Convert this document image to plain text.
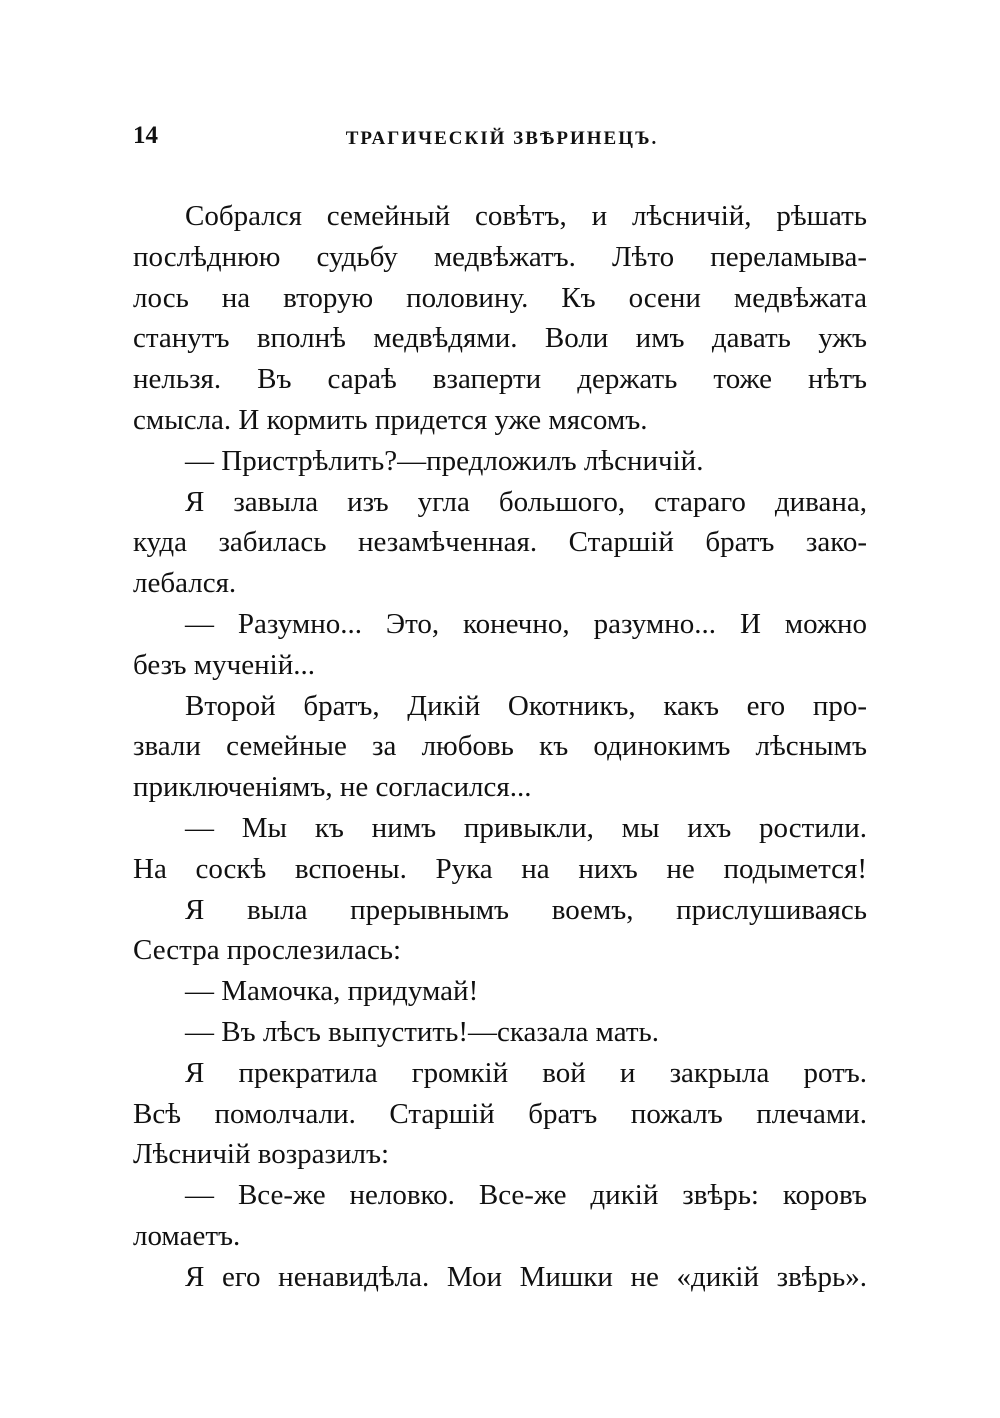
14	ТРАГИЧЕСКІЙ ЗВѢРИНЕЦЪ.
Собрался семейный совѣтъ, и лѣсничій, рѣшать
послѣднюю судьбу медвѣжатъ. Лѣто переламыва-
лось на вторую половину. Къ осени медвѣжата
станутъ вполнѣ медвѣдями. Воли имъ давать ужъ
нельзя. Въ сараѣ взаперти держать тоже нѣтъ
смысла. И кормить придется уже мясомъ.
— Пристрѣлить?—предложилъ лѣсничій.
Я завыла изъ угла большого, стараго дивана,
куда забилась незамѣченная. Старшій братъ зако-
лебался.
— Разумно... Это, конечно, разумно... И можно
безъ мученій...
Второй братъ, Дикій Окотникъ, какъ его про-
звали семейные за любовь къ одинокимъ лѣснымъ
приключеніямъ, не согласился...
— Мы къ нимъ привыкли, мы ихъ ростили.
На соскѣ вспоены. Рука на нихъ не подымется!
Я выла прерывнымъ воемъ, прислушиваясь
Сестра прослезилась:
— Мамочка, придумай!
— Въ лѣсъ выпустить!—сказала мать.
Я прекратила громкій вой и закрыла ротъ.
Всѣ помолчали. Старшій братъ пожалъ плечами.
Лѣсничій возразилъ:
— Все-же неловко. Все-же дикій звѣрь: коровъ
ломаетъ.
Я его ненавидѣла. Мои Мишки не «дикій звѣрь».
